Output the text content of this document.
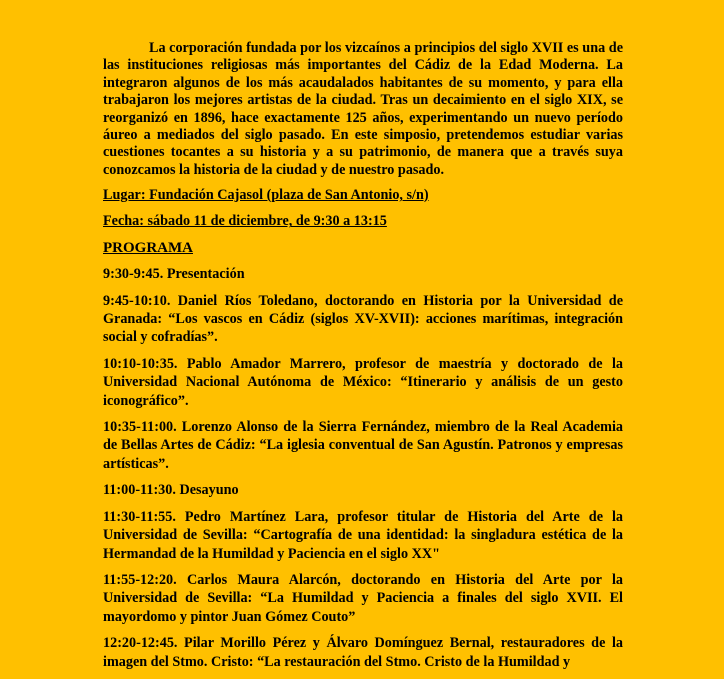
La corporación fundada por los vizcaínos a principios del siglo XVII es una de las instituciones religiosas más importantes del Cádiz de la Edad Moderna. La integraron algunos de los más acaudalados habitantes de su momento, y para ella trabajaron los mejores artistas de la ciudad. Tras un decaimiento en el siglo XIX, se reorganizó en 1896, hace exactamente 125 años, experimentando un nuevo período áureo a mediados del siglo pasado. En este simposio, pretendemos estudiar varias cuestiones tocantes a su historia y a su patrimonio, de manera que a través suya conozcamos la historia de la ciudad y de nuestro pasado.

Lugar: Fundación Cajasol (plaza de San Antonio, s/n)

Fecha: sábado 11 de diciembre, de 9:30 a 13:15

PROGRAMA

9:30-9:45. Presentación

9:45-10:10. Daniel Ríos Toledano, doctorando en Historia por la Universidad de Granada: “Los vascos en Cádiz (siglos XV-XVII): acciones marítimas, integración social y cofradías”.

10:10-10:35. Pablo Amador Marrero, profesor de maestría y doctorado de la Universidad Nacional Autónoma de México: “Itinerario y análisis de un gesto iconográfico”.

10:35-11:00. Lorenzo Alonso de la Sierra Fernández, miembro de la Real Academia de Bellas Artes de Cádiz: “La iglesia conventual de San Agustín. Patronos y empresas artísticas”.

11:00-11:30. Desayuno

11:30-11:55. Pedro Martínez Lara, profesor titular de Historia del Arte de la Universidad de Sevilla: “Cartografía de una identidad: la singladura estética de la Hermandad de la Humildad y Paciencia en el siglo XX"

11:55-12:20. Carlos Maura Alarcón, doctorando en Historia del Arte por la Universidad de Sevilla: “La Humildad y Paciencia a finales del siglo XVII. El mayordomo y pintor Juan Gómez Couto”

12:20-12:45. Pilar Morillo Pérez y Álvaro Domínguez Bernal, restauradores de la imagen del Stmo. Cristo: “La restauración del Stmo. Cristo de la Humildad y
